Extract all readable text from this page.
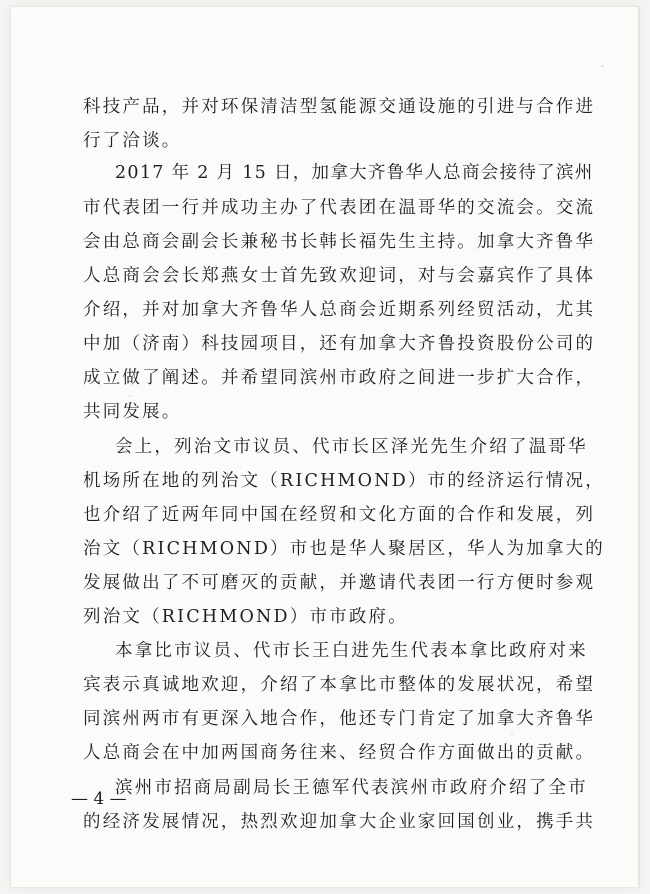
科技产品，并对环保清洁型氢能源交通设施的引进与合作进
行了洽谈。
2017 年 2 月 15 日，加拿大齐鲁华人总商会接待了滨州
市代表团一行并成功主办了代表团在温哥华的交流会。交流
会由总商会副会长兼秘书长韩长福先生主持。加拿大齐鲁华
人总商会会长郑燕女士首先致欢迎词，对与会嘉宾作了具体
介绍，并对加拿大齐鲁华人总商会近期系列经贸活动，尤其
中加（济南）科技园项目，还有加拿大齐鲁投资股份公司的
成立做了阐述。并希望同滨州市政府之间进一步扩大合作，
共同发展。
会上，列治文市议员、代市长区泽光先生介绍了温哥华
机场所在地的列治文（RICHMOND）市的经济运行情况，
也介绍了近两年同中国在经贸和文化方面的合作和发展，列
治文（RICHMOND）市也是华人聚居区，华人为加拿大的
发展做出了不可磨灭的贡献，并邀请代表团一行方便时参观
列治文（RICHMOND）市市政府。
本拿比市议员、代市长王白进先生代表本拿比政府对来
宾表示真诚地欢迎，介绍了本拿比市整体的发展状况，希望
同滨州两市有更深入地合作，他还专门肯定了加拿大齐鲁华
人总商会在中加两国商务往来、经贸合作方面做出的贡献。
滨州市招商局副局长王德军代表滨州市政府介绍了全市
的经济发展情况，热烈欢迎加拿大企业家回国创业，携手共
— 4 —
